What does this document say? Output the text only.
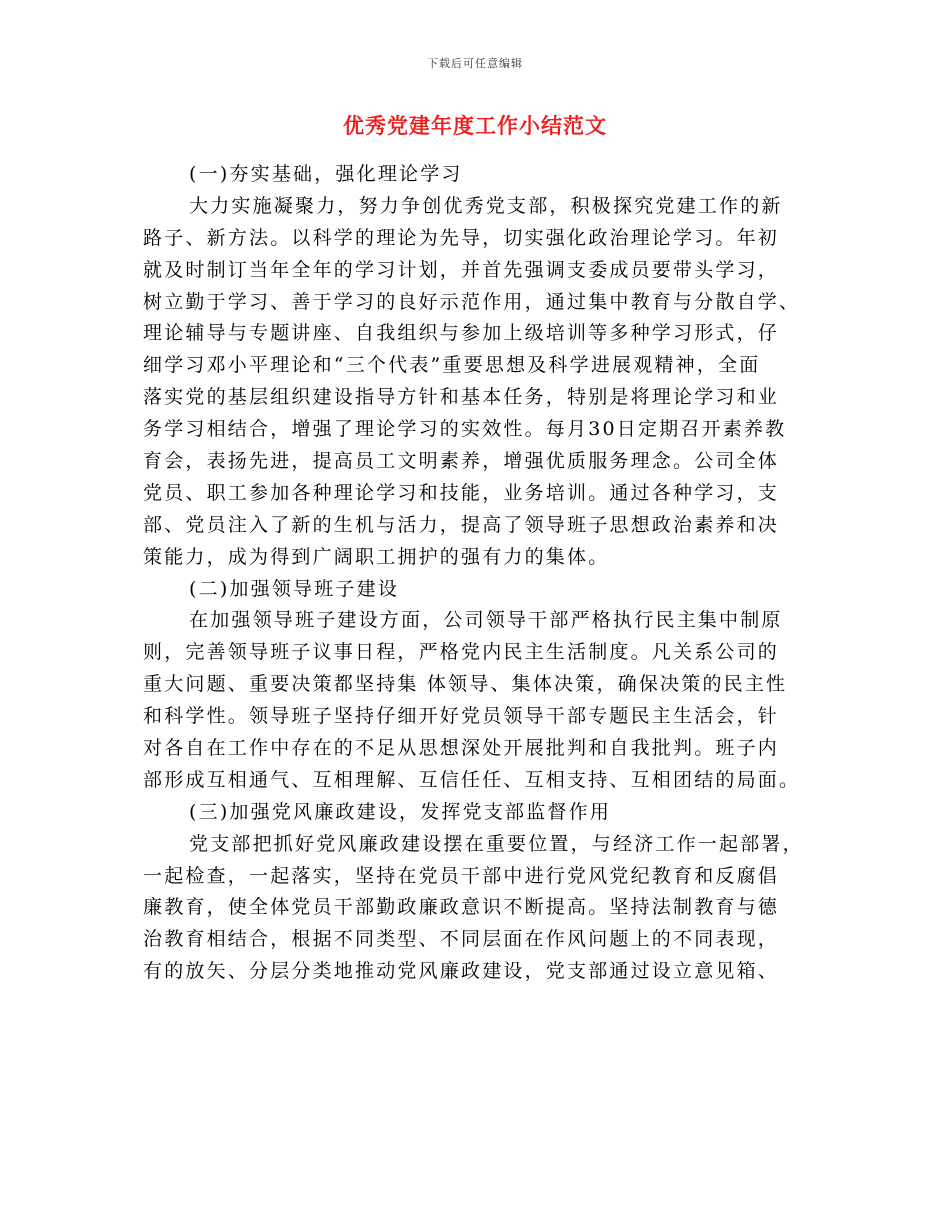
下载后可任意编辑
优秀党建年度工作小结范文
(一)夯实基础，强化理论学习
大力实施凝聚力，努力争创优秀党支部，积极探究党建工作的新
路子、新方法。以科学的理论为先导，切实强化政治理论学习。年初
就及时制订当年全年的学习计划，并首先强调支委成员要带头学习，
树立勤于学习、善于学习的良好示范作用，通过集中教育与分散自学、
理论辅导与专题讲座、自我组织与参加上级培训等多种学习形式，仔
细学习邓小平理论和“三个代表”重要思想及科学进展观精神，全面
落实党的基层组织建设指导方针和基本任务，特别是将理论学习和业
务学习相结合，增强了理论学习的实效性。每月30日定期召开素养教
育会，表扬先进，提高员工文明素养，增强优质服务理念。公司全体
党员、职工参加各种理论学习和技能，业务培训。通过各种学习，支
部、党员注入了新的生机与活力，提高了领导班子思想政治素养和决
策能力，成为得到广阔职工拥护的强有力的集体。
(二)加强领导班子建设
在加强领导班子建设方面，公司领导干部严格执行民主集中制原
则，完善领导班子议事日程，严格党内民主生活制度。凡关系公司的
重大问题、重要决策都坚持集 体领导、集体决策，确保决策的民主性
和科学性。领导班子坚持仔细开好党员领导干部专题民主生活会，针
对各自在工作中存在的不足从思想深处开展批判和自我批判。班子内
部形成互相通气、互相理解、互信任任、互相支持、互相团结的局面。
(三)加强党风廉政建设，发挥党支部监督作用
党支部把抓好党风廉政建设摆在重要位置，与经济工作一起部署，
一起检查，一起落实，坚持在党员干部中进行党风党纪教育和反腐倡
廉教育，使全体党员干部勤政廉政意识不断提高。坚持法制教育与德
治教育相结合，根据不同类型、不同层面在作风问题上的不同表现，
有的放矢、分层分类地推动党风廉政建设，党支部通过设立意见箱、
